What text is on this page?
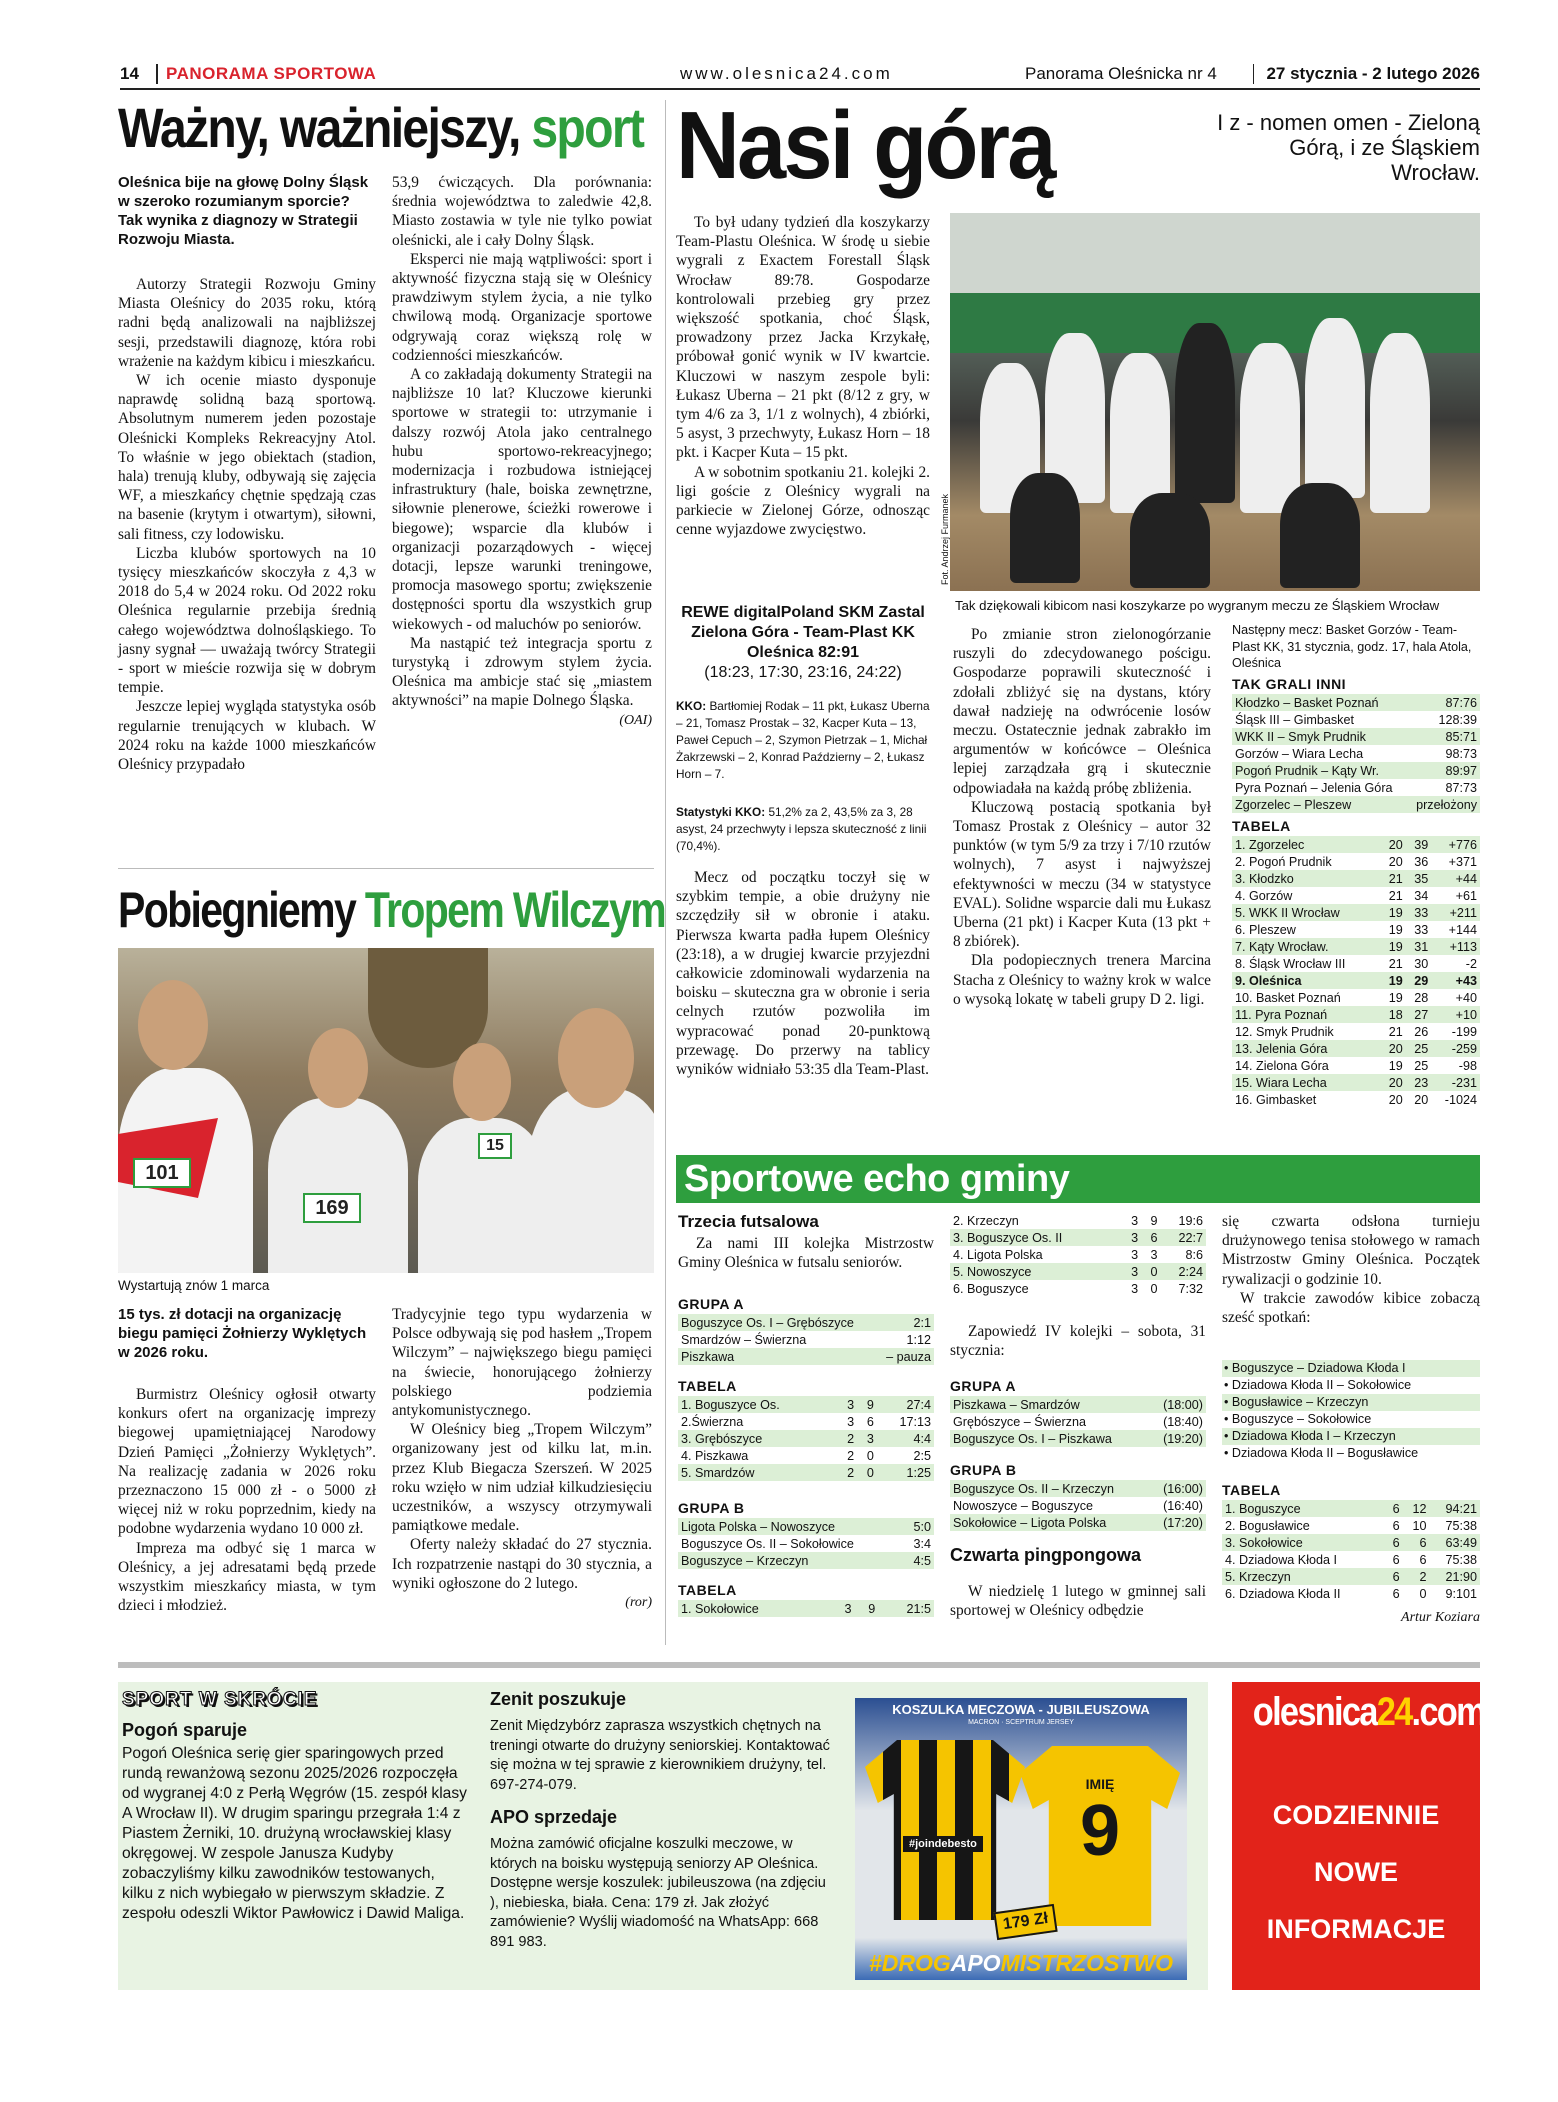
14	PANORAMA SPORTOWA	www.olesnica24.com	Panorama Oleśnicka nr 4	27 stycznia - 2 lutego 2026
Ważny, ważniejszy, sport
Oleśnica bije na głowę Dolny Śląsk w szeroko rozumianym sporcie? Tak wynika z diagnozy w Strategii Rozwoju Miasta.

Autorzy Strategii Rozwoju Gminy Miasta Oleśnicy do 2035 roku, którą radni będą analizowali na najbliższej sesji, przedstawili diagnozę, która robi wrażenie na każdym kibicu i mieszkańcu.

W ich ocenie miasto dysponuje naprawdę solidną bazą sportową. Absolutnym numerem jeden pozostaje Oleśnicki Kompleks Rekreacyjny Atol. To właśnie w jego obiektach (stadion, hala) trenują kluby, odbywają się zajęcia WF, a mieszkańcy chętnie spędzają czas na basenie (krytym i otwartym), siłowni, sali fitness, czy lodowisku.

Liczba klubów sportowych na 10 tysięcy mieszkańców skoczyła z 4,3 w 2018 do 5,4 w 2024 roku. Od 2022 roku Oleśnica regularnie przebija średnią całego województwa dolnośląskiego. To jasny sygnał — uważają twórcy Strategii - sport w mieście rozwija się w dobrym tempie.

Jeszcze lepiej wygląda statystyka osób regularnie trenujących w klubach. W 2024 roku na każde 1000 mieszkańców Oleśnicy przypadało

53,9 ćwiczących. Dla porównania: średnia województwa to zaledwie 42,8. Miasto zostawia w tyle nie tylko powiat oleśnicki, ale i cały Dolny Śląsk.

Eksperci nie mają wątpliwości: sport i aktywność fizyczna stają się w Oleśnicy prawdziwym stylem życia, a nie tylko chwilową modą. Organizacje sportowe odgrywają coraz większą rolę w codzienności mieszkańców.

A co zakładają dokumenty Strategii na najbliższe 10 lat? Kluczowe kierunki sportowe w strategii to: utrzymanie i dalszy rozwój Atola jako centralnego hubu sportowo-rekreacyjnego; modernizacja i rozbudowa istniejącej infrastruktury (hale, boiska zewnętrzne, siłownie plenerowe, ścieżki rowerowe i biegowe); wsparcie dla klubów i organizacji pozarządowych - więcej dotacji, lepsze warunki treningowe, promocja masowego sportu; zwiększenie dostępności sportu dla wszystkich grup wiekowych - od maluchów po seniorów.

Ma nastąpić też integracja sportu z turystyką i zdrowym stylem życia. Oleśnica ma ambicje stać się „miastem aktywności” na mapie Dolnego Śląska.

(OAI)
Pobiegniemy Tropem Wilczym
101
169
15
Wystartują znów 1 marca
15 tys. zł dotacji na organizację biegu pamięci Żołnierzy Wyklętych w 2026 roku.

Burmistrz Oleśnicy ogłosił otwarty konkurs ofert na organizację imprezy biegowej upamiętniającej Narodowy Dzień Pamięci „Żołnierzy Wyklętych”. Na realizację zadania w 2026 roku przeznaczono 15 000 zł - o 5000 zł więcej niż w roku poprzednim, kiedy na podobne wydarzenia wydano 10 000 zł.

Impreza ma odbyć się 1 marca w Oleśnicy, a jej adresatami będą przede wszystkim mieszkańcy miasta, w tym dzieci i młodzież.

Tradycyjnie tego typu wydarzenia w Polsce odbywają się pod hasłem „Tropem Wilczym” – największego biegu pamięci na świecie, honorującego żołnierzy polskiego podziemia antykomunistycznego.

W Oleśnicy bieg „Tropem Wilczym” organizowany jest od kilku lat, m.in. przez Klub Biegacza Szerszeń. W 2025 roku wzięło w nim udział kilkudziesięciu uczestników, a wszyscy otrzymywali pamiątkowe medale.

Oferty należy składać do 27 stycznia. Ich rozpatrzenie nastąpi do 30 stycznia, a wyniki ogłoszone do 2 lutego.

(ror)
Nasi górą	I z - nomen omen - Zieloną Górą, i ze Śląskiem Wrocław.

To był udany tydzień dla koszykarzy Team-Plastu Oleśnica. W środę u siebie wygrali z Exactem Forestall Śląsk Wrocław 89:78. Gospodarze kontrolowali przebieg gry przez większość spotkania, choć Śląsk, prowadzony przez Jacka Krzykałę, próbował gonić wynik w IV kwartcie. Kluczowi w naszym zespole byli: Łukasz Uberna – 21 pkt (8/12 z gry, w tym 4/6 za 3, 1/1 z wolnych), 4 zbiórki, 5 asyst, 3 przechwyty, Łukasz Horn – 18 pkt. i Kacper Kuta – 15 pkt.

A w sobotnim spotkaniu 21. kolejki 2. ligi goście z Oleśnicy wygrali na parkiecie w Zielonej Górze, odnosząc cenne wyjazdowe zwycięstwo.

REWE digitalPoland SKM Zastal Zielona Góra - Team-Plast KK Oleśnica 82:91
(18:23, 17:30, 23:16, 24:22)
KKO: Bartłomiej Rodak – 11 pkt, Łukasz Uberna – 21, Tomasz Prostak – 32, Kacper Kuta – 13, Paweł Cepuch – 2, Szymon Pietrzak – 1, Michał Żakrzewski – 2, Konrad Październy – 2, Łukasz Horn – 7.
Statystyki KKO: 51,2% za 2, 43,5% za 3, 28 asyst, 24 przechwyty i lepsza skuteczność z linii (70,4%).

Mecz od początku toczył się w szybkim tempie, a obie drużyny nie szczędziły sił w obronie i ataku. Pierwsza kwarta padła łupem Oleśnicy (23:18), a w drugiej kwarcie przyjezdni całkowicie zdominowali wydarzenia na boisku – skuteczna gra w obronie i seria celnych rzutów pozwoliła im wypracować ponad 20-punktową przewagę. Do przerwy na tablicy wyników widniało 53:35 dla Team-Plast.

Fot. Andrzej Furmanek
Tak dziękowali kibicom nasi koszykarze po wygranym meczu ze Śląskiem Wrocław

Po zmianie stron zielonogórzanie ruszyli do zdecydowanego pościgu. Gospodarze poprawili skuteczność i zdołali zbliżyć się na dystans, który dawał nadzieję na odwrócenie losów meczu. Ostatecznie jednak zabrakło im argumentów w końcówce – Oleśnica lepiej zarządzała grą i skutecznie odpowiadała na każdą próbę zbliżenia.

Kluczową postacią spotkania był Tomasz Prostak z Oleśnicy – autor 32 punktów (w tym 5/9 za trzy i 7/10 rzutów wolnych), 7 asyst i najwyższej efektywności w meczu (34 w statystyce EVAL). Solidne wsparcie dali mu Łukasz Uberna (21 pkt) i Kacper Kuta (13 pkt + 8 zbiórek).

Dla podopiecznych trenera Marcina Stacha z Oleśnicy to ważny krok w walce o wysoką lokatę w tabeli grupy D 2. ligi.

Następny mecz: Basket Gorzów - Team-Plast KK, 31 stycznia, godz. 17, hala Atola, Oleśnica
TAK GRALI INNI
Kłodzko – Basket Poznań	87:76
Śląsk III – Gimbasket	128:39
WKK II – Smyk Prudnik	85:71
Gorzów – Wiara Lecha	98:73
Pogoń Prudnik – Kąty Wr.	89:97
Pyra Poznań – Jelenia Góra	87:73
Zgorzelec – Pleszew	przełożony
TABELA
1. Zgorzelec	20	39	+776
2. Pogoń Prudnik	20	36	+371
3. Kłodzko	21	35	+44
4. Gorzów	21	34	+61
5. WKK II Wrocław	19	33	+211
6. Pleszew	19	33	+144
7. Kąty Wrocław.	19	31	+113
8. Śląsk Wrocław III	21	30	-2
9. Oleśnica	19	29	+43
10. Basket Poznań	19	28	+40
11. Pyra Poznań	18	27	+10
12. Smyk Prudnik	21	26	-199
13. Jelenia Góra	20	25	-259
14. Zielona Góra	19	25	-98
15. Wiara Lecha	20	23	-231
16. Gimbasket	20	20	-1024
Sportowe echo gminy
Trzecia futsalowa

Za nami III kolejka Mistrzostw Gminy Oleśnica w futsalu seniorów.

GRUPA A
Boguszyce Os. I – Grębószyce	2:1
Smardzów – Świerzna	1:12
Piszkawa	– pauza
TABELA
1. Boguszyce Os.	3	9	27:4
2.Świerzna	3	6	17:13
3. Grębószyce	2	3	4:4
4. Piszkawa	2	0	2:5
5. Smardzów	2	0	1:25
GRUPA B
Ligota Polska – Nowoszyce	5:0
Boguszyce Os. II – Sokołowice	3:4
Boguszyce – Krzeczyn	4:5
TABELA
1. Sokołowice	3	9	21:5
2. Krzeczyn	3	9	19:6
3. Boguszyce Os. II	3	6	22:7
4. Ligota Polska	3	3	8:6
5. Nowoszyce	3	0	2:24
6. Boguszyce	3	0	7:32

Zapowiedź IV kolejki – sobota, 31 stycznia:

GRUPA A
Piszkawa – Smardzów	(18:00)
Grębószyce – Świerzna	(18:40)
Boguszyce Os. I – Piszkawa	(19:20)
GRUPA B
Boguszyce Os. II – Krzeczyn	(16:00)
Nowoszyce – Boguszyce	(16:40)
Sokołowice – Ligota Polska	(17:20)
Czwarta pingpongowa

W niedzielę 1 lutego w gminnej sali sportowej w Oleśnicy odbędzie

się czwarta odsłona turnieju drużynowego tenisa stołowego w ramach Mistrzostw Gminy Oleśnica. Początek rywalizacji o godzinie 10.

W trakcie zawodów kibice zobaczą sześć spotkań:

• Boguszyce – Dziadowa Kłoda I
• Dziadowa Kłoda II – Sokołowice
• Bogusławice – Krzeczyn
• Boguszyce – Sokołowice
• Dziadowa Kłoda I – Krzeczyn
• Dziadowa Kłoda II – Bogusławice
TABELA
1. Boguszyce	6	12	94:21
2. Bogusławice	6	10	75:38
3. Sokołowice	6	6	63:49
4. Dziadowa Kłoda I	6	6	75:38
5. Krzeczyn	6	2	21:90
6. Dziadowa Kłoda II	6	0	9:101
Artur Koziara
SPORT W SKRÓCIE
Pogoń sparuje
Pogoń Oleśnica serię gier sparingowych przed rundą rewanżową sezonu 2025/2026 rozpoczęła od wygranej 4:0 z Perłą Węgrów (15. zespół klasy A Wrocław II). W drugim sparingu przegrała 1:4 z Piastem Żerniki, 10. drużyną wrocławskiej klasy okręgowej. W zespole Janusza Kudyby zobaczyliśmy kilku zawodników testowanych, kilku z nich wybiegało w pierwszym składzie. Z zespołu odeszli Wiktor Pawłowicz i Dawid Maliga.
Zenit poszukuje
Zenit Międzybórz zaprasza wszystkich chętnych na treningi otwarte do drużyny seniorskiej. Kontaktować się można w tej sprawie z kierownikiem drużyny, tel. 697-274-079.
APO sprzedaje
Można zamówić oficjalne koszulki meczowe, w których na boisku występują seniorzy AP Oleśnica. Dostępne wersje koszulek: jubileuszowa (na zdjęciu ), niebieska, biała. Cena: 179 zł. Jak złożyć zamówienie? Wyślij wiadomość na WhatsApp: 668 891 983.
KOSZULKA MECZOWA - JUBILEUSZOWA
MACRON · SCEPTRUM JERSEY
#joindebesto
IMIĘ
9
179 Zł
#DROGAPOMISTRZOSTWO
olesnica24.com
CODZIENNIE
NOWE
INFORMACJE
